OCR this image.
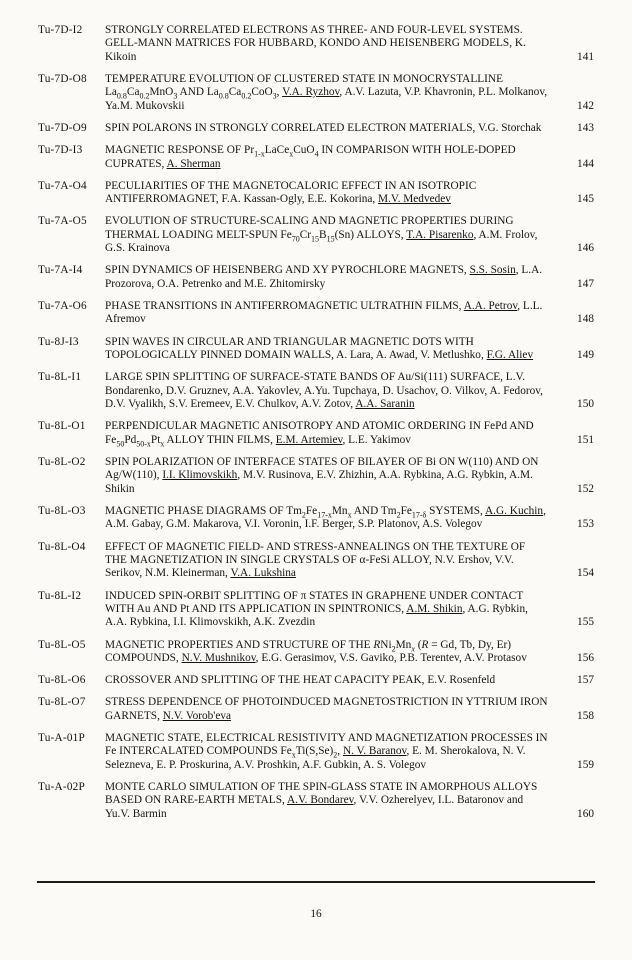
Tu-7D-I2	STRONGLY CORRELATED ELECTRONS AS THREE- AND FOUR-LEVEL SYSTEMS. GELL-MANN MATRICES FOR HUBBARD, KONDO AND HEISENBERG MODELS, K. Kikoin	141
Tu-7D-O8	TEMPERATURE EVOLUTION OF CLUSTERED STATE IN MONOCRYSTALLINE $La_{0.8}Ca_{0.2}MnO_3$ AND $La_{0.8}Ca_{0.2}CoO_3$, V.A. Ryzhov, A.V. Lazuta, V.P. Khavronin, P.L. Molkanov, Ya.M. Mukovskii	142
Tu-7D-O9	SPIN POLARONS IN STRONGLY CORRELATED ELECTRON MATERIALS, V.G. Storchak	143
Tu-7D-I3	MAGNETIC RESPONSE OF $Pr_{1-x}LaCe_xCuO_4$ IN COMPARISON WITH HOLE-DOPED CUPRATES, A. Sherman	144
Tu-7A-O4	PECULIARITIES OF THE MAGNETOCALORIC EFFECT IN AN ISOTROPIC ANTIFERROMAGNET, F.A. Kassan-Ogly, E.E. Kokorina, M.V. Medvedev	145
Tu-7A-O5	EVOLUTION OF STRUCTURE-SCALING AND MAGNETIC PROPERTIES DURING THERMAL LOADING MELT-SPUN $Fe_{70}Cr_{15}B_{15}(Sn)$ ALLOYS, T.A. Pisarenko, A.M. Frolov, G.S. Krainova	146
Tu-7A-I4	SPIN DYNAMICS OF HEISENBERG AND XY PYROCHLORE MAGNETS, S.S. Sosin, L.A. Prozorova, O.A. Petrenko and M.E. Zhitomirsky	147
Tu-7A-O6	PHASE TRANSITIONS IN ANTIFERROMAGNETIC ULTRATHIN FILMS, A.A. Petrov, L.L. Afremov	148
Tu-8J-I3	SPIN WAVES IN CIRCULAR AND TRIANGULAR MAGNETIC DOTS WITH TOPOLOGICALLY PINNED DOMAIN WALLS, A. Lara, A. Awad, V. Metlushko, F.G. Aliev	149
Tu-8L-I1	LARGE SPIN SPLITTING OF SURFACE-STATE BANDS OF Au/Si(111) SURFACE, L.V. Bondarenko, D.V. Gruznev, A.A. Yakovlev, A.Yu. Tupchaya, D. Usachov, O. Vilkov, A. Fedorov, D.V. Vyalikh, S.V. Eremeev, E.V. Chulkov, A.V. Zotov, A.A. Saranin	150
Tu-8L-O1	PERPENDICULAR MAGNETIC ANISOTROPY AND ATOMIC ORDERING IN FePd AND $Fe_{50}Pd_{50-x}Pt_x$ ALLOY THIN FILMS, E.M. Artemiev, L.E. Yakimov	151
Tu-8L-O2	SPIN POLARIZATION OF INTERFACE STATES OF BILAYER OF Bi ON W(110) AND ON Ag/W(110), I.I. Klimovskikh, M.V. Rusinova, E.V. Zhizhin, A.A. Rybkina, A.G. Rybkin, A.M. Shikin	152
Tu-8L-O3	MAGNETIC PHASE DIAGRAMS OF $Tm_2Fe_{17-x}Mn_x$ AND $Tm_2Fe_{17-\delta}$ SYSTEMS, A.G. Kuchin, A.M. Gabay, G.M. Makarova, V.I. Voronin, I.F. Berger, S.P. Platonov, A.S. Volegov	153
Tu-8L-O4	EFFECT OF MAGNETIC FIELD- AND STRESS-ANNEALINGS ON THE TEXTURE OF THE MAGNETIZATION IN SINGLE CRYSTALS OF α-FeSi ALLOY, N.V. Ershov, V.V. Serikov, N.M. Kleinerman, V.A. Lukshina	154
Tu-8L-I2	INDUCED SPIN-ORBIT SPLITTING OF π STATES IN GRAPHENE UNDER CONTACT WITH Au AND Pt AND ITS APPLICATION IN SPINTRONICS, A.M. Shikin, A.G. Rybkin, A.A. Rybkina, I.I. Klimovskikh, A.K. Zvezdin	155
Tu-8L-O5	MAGNETIC PROPERTIES AND STRUCTURE OF THE $RNi_2Mn_x$ (R = Gd, Tb, Dy, Er) COMPOUNDS, N.V. Mushnikov, E.G. Gerasimov, V.S. Gaviko, P.B. Terentev, A.V. Protasov	156
Tu-8L-O6	CROSSOVER AND SPLITTING OF THE HEAT CAPACITY PEAK, E.V. Rosenfeld	157
Tu-8L-O7	STRESS DEPENDENCE OF PHOTOINDUCED MAGNETOSTRICTION IN YTTRIUM IRON GARNETS, N.V. Vorob'eva	158
Tu-A-01P	MAGNETIC STATE, ELECTRICAL RESISTIVITY AND MAGNETIZATION PROCESSES IN Fe INTERCALATED COMPOUNDS $Fe_xTi(S,Se)_2$, N. V. Baranov, E. M. Sherokalova, N. V. Selezneva, E. P. Proskurina, A.V. Proshkin, A.F. Gubkin, A. S. Volegov	159
Tu-A-02P	MONTE CARLO SIMULATION OF THE SPIN-GLASS STATE IN AMORPHOUS ALLOYS BASED ON RARE-EARTH METALS, A.V. Bondarev, V.V. Ozherelyev, I.L. Bataronov and Yu.V. Barmin	160
16
